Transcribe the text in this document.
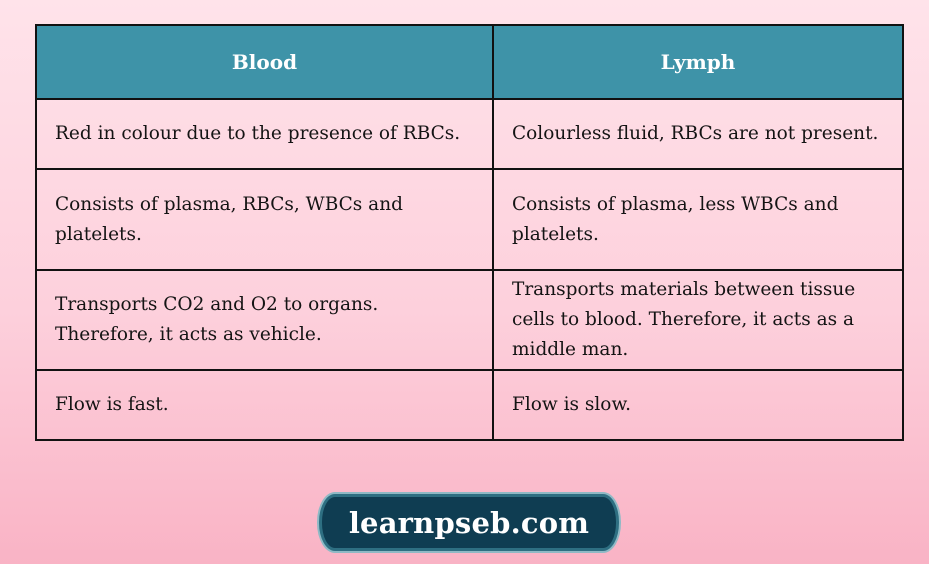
Blood	Lymph
Red in colour due to the presence of RBCs.	Colourless fluid, RBCs are not present.
Consists of plasma, RBCs, WBCs and platelets.	Consists of plasma, less WBCs and platelets.
Transports CO2 and O2 to organs. Therefore, it acts as vehicle.	Transports materials between tissue cells to blood. Therefore, it acts as a middle man.
Flow is fast.	Flow is slow.
learnpseb.com
